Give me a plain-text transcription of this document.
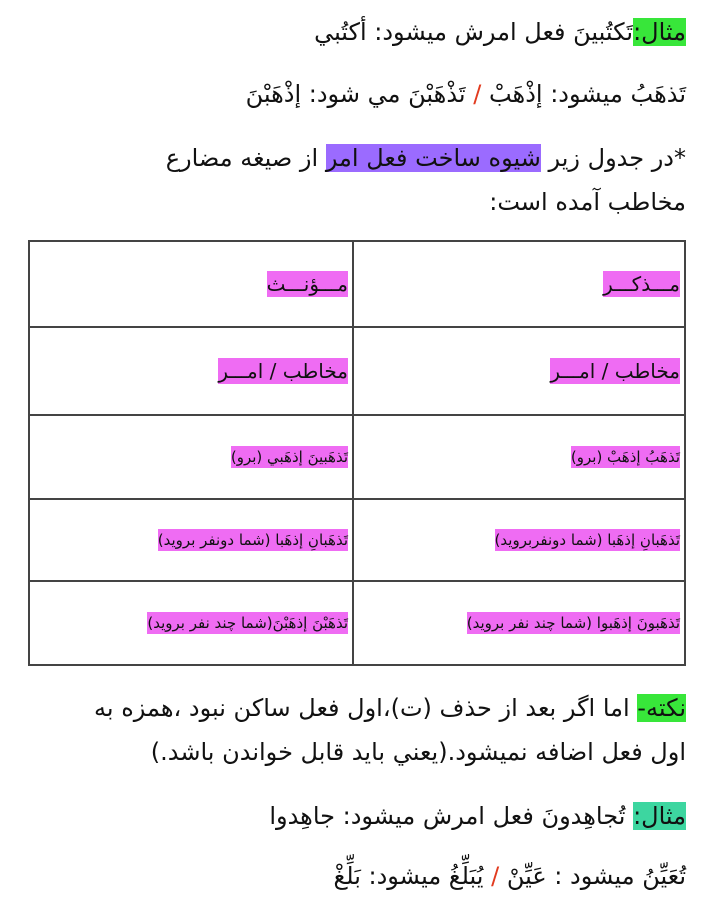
مثال:تَكتُبينَ فعل امرش ميشود: أكتُبي
تَذهَبُ ميشود: إذْهَبْ / تَذْهَبْنَ مي شود: إذْهَبْنَ
*در جدول زير شيوه ساخت فعل امر از صيغه مضارع
مخاطب آمده است:
مـــذكـــر	مـــؤنـــث
مخاطب / امـــر	مخاطب / امـــر
تَذهَبُ إذهَبْ (برو)	تَذهَبينَ إذهَبي (برو)
تَذهَبانِ إذهَبا (شما دونفربرويد)	تَذهَبانِ إذهَبا (شما دونفر برويد)
تَذهَبونَ إذهَبوا (شما چند نفر برويد)	تَذهَبْنَ إذهَبْنَ(شما چند نفر برويد)
نكته- اما اگر بعد از حذف (ت)،اول فعل ساكن نبود ،همزه به
اول فعل اضافه نميشود.(يعني بايد قابل خواندن باشد.)
مثال: تُجاهِدونَ فعل امرش ميشود: جاهِدوا
تُعَيِّنُ ميشود : عَيِّنْ / يُبَلِّغُ ميشود: بَلِّغْ
